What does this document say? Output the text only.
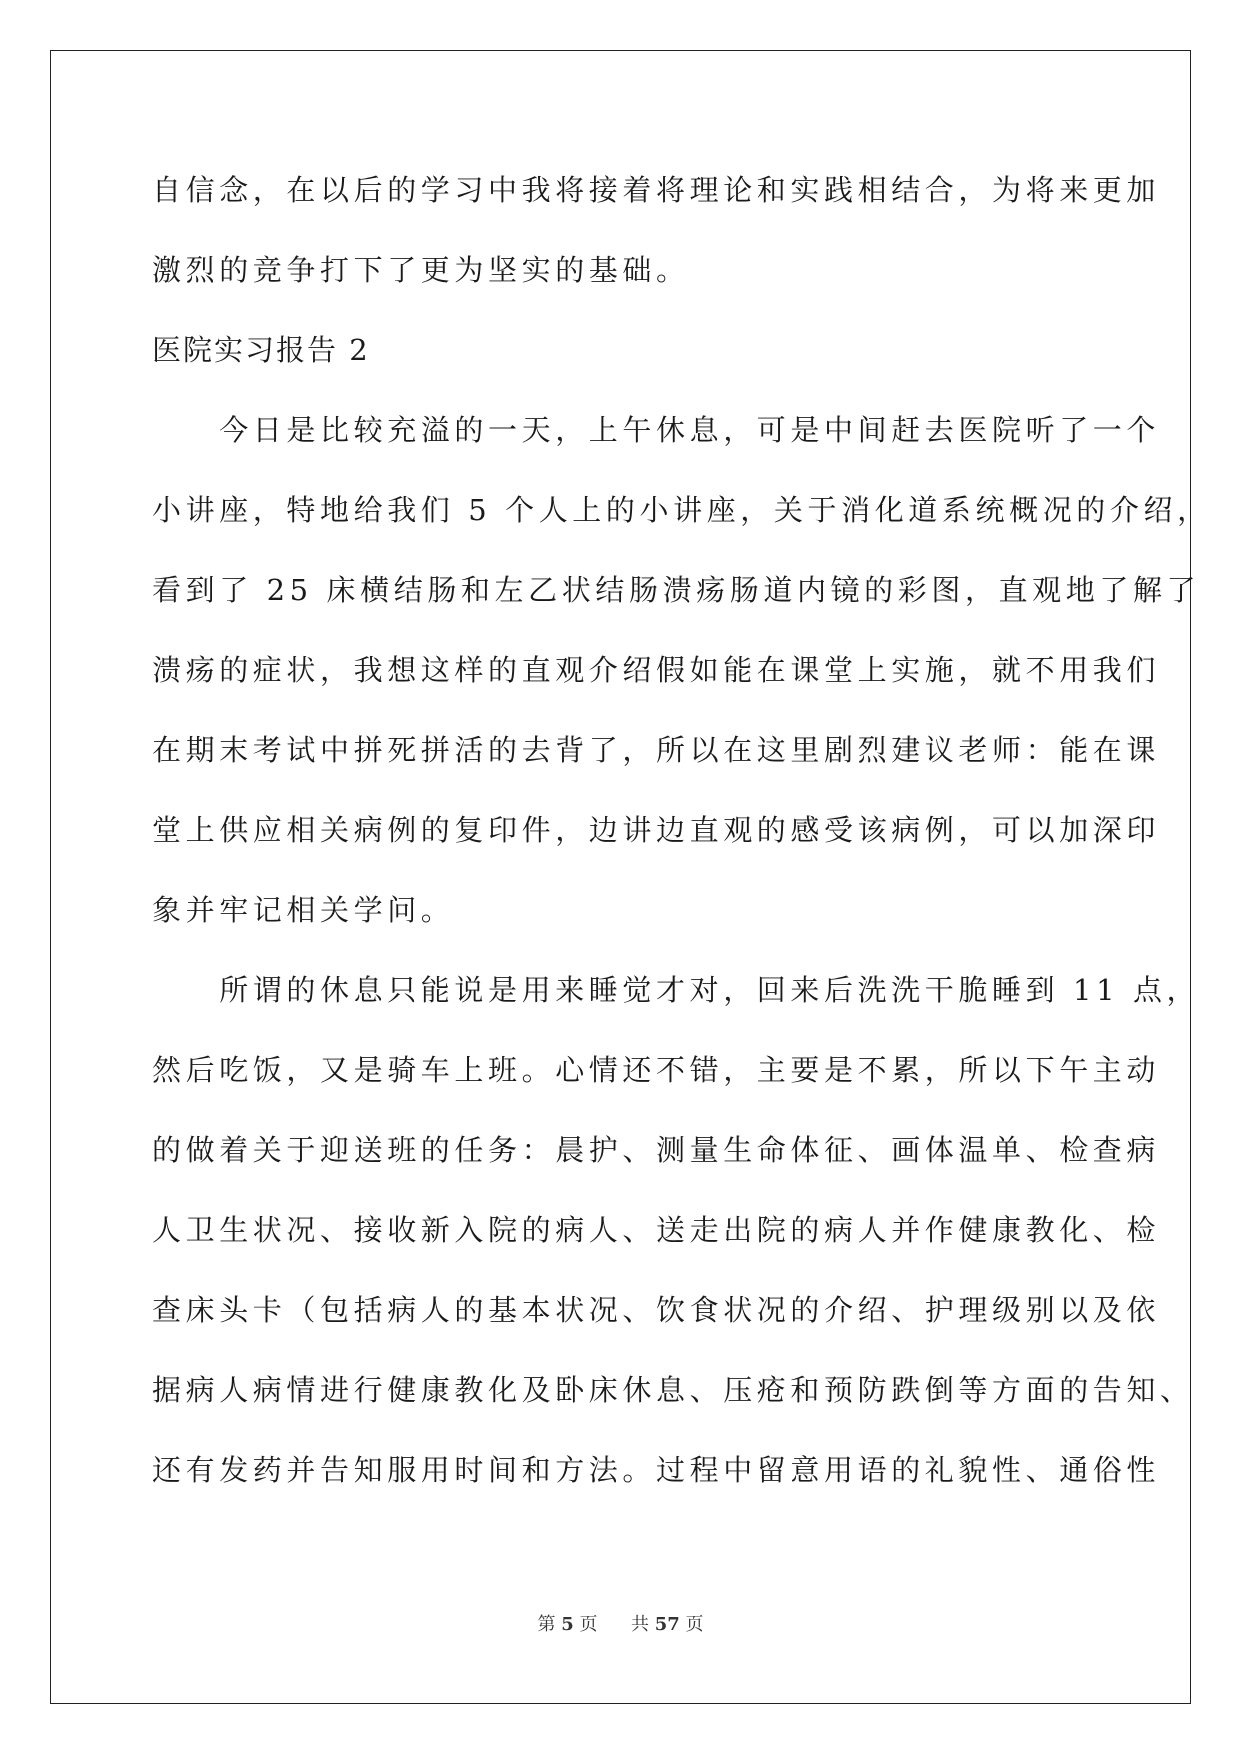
自信念，在以后的学习中我将接着将理论和实践相结合，为将来更加
激烈的竞争打下了更为坚实的基础。
医院实习报告 2
　　今日是比较充溢的一天，上午休息，可是中间赶去医院听了一个
小讲座，特地给我们 5 个人上的小讲座，关于消化道系统概况的介绍，
看到了 25 床横结肠和左乙状结肠溃疡肠道内镜的彩图，直观地了解了
溃疡的症状，我想这样的直观介绍假如能在课堂上实施，就不用我们
在期末考试中拼死拼活的去背了，所以在这里剧烈建议老师：能在课
堂上供应相关病例的复印件，边讲边直观的感受该病例，可以加深印
象并牢记相关学问。
　　所谓的休息只能说是用来睡觉才对，回来后洗洗干脆睡到 11 点，
然后吃饭，又是骑车上班。心情还不错，主要是不累，所以下午主动
的做着关于迎送班的任务：晨护、测量生命体征、画体温单、检查病
人卫生状况、接收新入院的病人、送走出院的病人并作健康教化、检
查床头卡（包括病人的基本状况、饮食状况的介绍、护理级别以及依
据病人病情进行健康教化及卧床休息、压疮和预防跌倒等方面的告知、
还有发药并告知服用时间和方法。过程中留意用语的礼貌性、通俗性
第 5 页 共 57 页
